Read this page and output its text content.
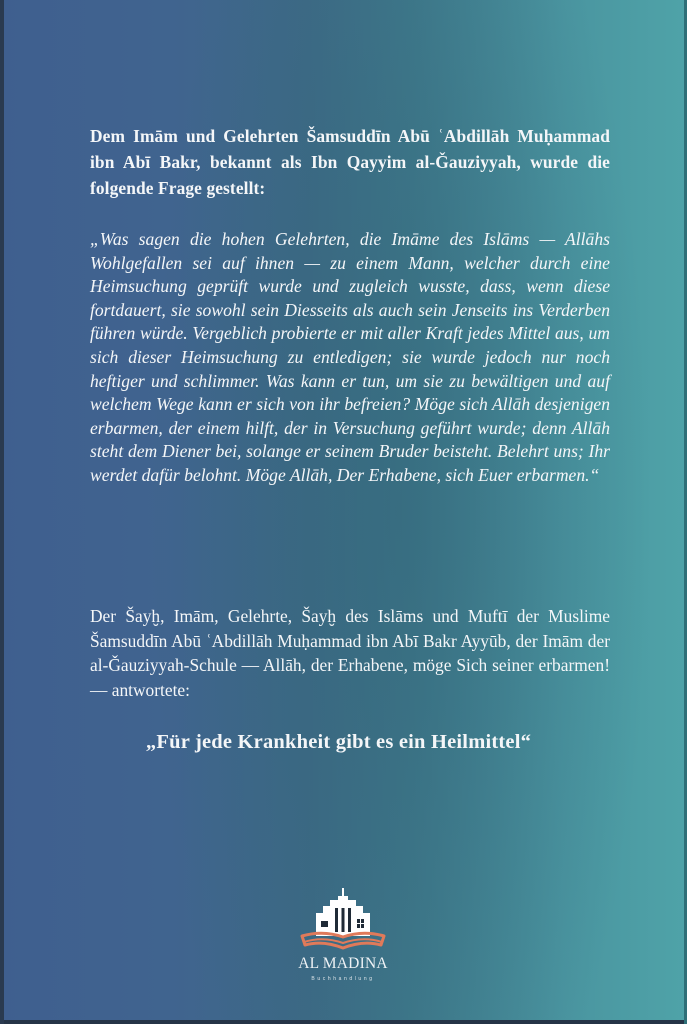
Dem Imām und Gelehrten Šamsuddīn Abū ʿAbdillāh Muḥammad ibn Abī Bakr, bekannt als Ibn Qayyim al-Ǧauziyyah, wurde die folgende Frage gestellt:

„Was sagen die hohen Gelehrten, die Imāme des Islāms — Allāhs Wohlgefallen sei auf ihnen — zu einem Mann, welcher durch eine Heimsuchung geprüft wurde und zugleich wusste, dass, wenn diese fortdauert, sie sowohl sein Diesseits als auch sein Jenseits ins Verderben führen würde. Vergeblich probierte er mit aller Kraft jedes Mittel aus, um sich dieser Heimsuchung zu entledigen; sie wurde jedoch nur noch heftiger und schlimmer. Was kann er tun, um sie zu bewältigen und auf welchem Wege kann er sich von ihr befreien? Möge sich Allāh desjenigen erbarmen, der einem hilft, der in Versuchung geführt wurde; denn Allāh steht dem Diener bei, solange er seinem Bruder beisteht. Belehrt uns; Ihr werdet dafür belohnt. Möge Allāh, Der Erhabene, sich Euer erbarmen.“

Der Šayḫ, Imām, Gelehrte, Šayḫ des Islāms und Muftī der Muslime Šamsuddīn Abū ʿAbdillāh Muḥammad ibn Abī Bakr Ayyūb, der Imām der al-Ǧauziyyah-Schule — Allāh, der Erhabene, möge Sich seiner erbarmen! — antwortete:

„Für jede Krankheit gibt es ein Heilmittel“
AL MADINA
Buchhandlung
